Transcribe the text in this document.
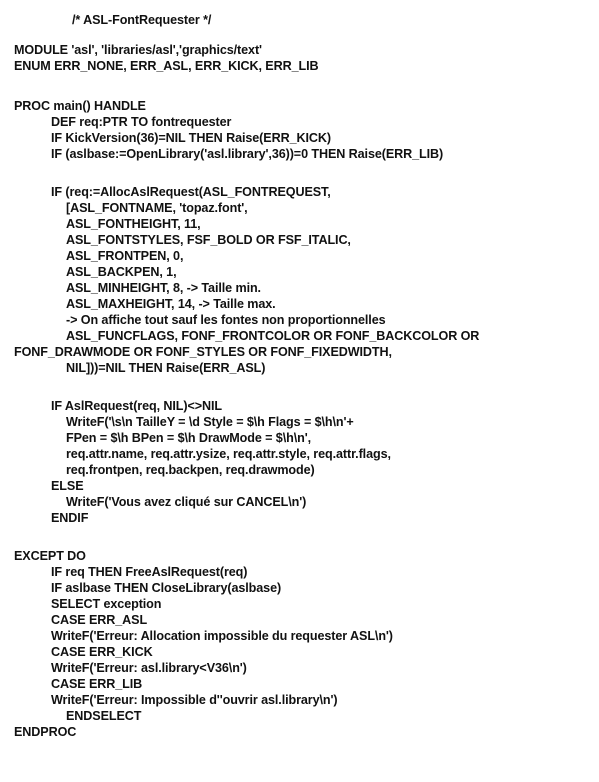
/* ASL-FontRequester */
MODULE 'asl', 'libraries/asl','graphics/text'
ENUM ERR_NONE, ERR_ASL, ERR_KICK, ERR_LIB
PROC main() HANDLE
DEF req:PTR TO fontrequester
IF KickVersion(36)=NIL THEN Raise(ERR_KICK)
IF (aslbase:=OpenLibrary('asl.library',36))=0 THEN Raise(ERR_LIB)
IF (req:=AllocAslRequest(ASL_FONTREQUEST,
[ASL_FONTNAME, 'topaz.font',
ASL_FONTHEIGHT, 11,
ASL_FONTSTYLES, FSF_BOLD OR FSF_ITALIC,
ASL_FRONTPEN, 0,
ASL_BACKPEN, 1,
ASL_MINHEIGHT, 8, -> Taille min.
ASL_MAXHEIGHT, 14, -> Taille max.
-> On affiche tout sauf les fontes non proportionnelles
ASL_FUNCFLAGS, FONF_FRONTCOLOR OR FONF_BACKCOLOR OR
FONF_DRAWMODE OR FONF_STYLES OR FONF_FIXEDWIDTH,
NIL]))=NIL THEN Raise(ERR_ASL)
IF AslRequest(req, NIL)<>NIL
WriteF('\s\n TailleY = \d Style = $\h Flags = $\h\n'+
FPen = $\h BPen = $\h DrawMode = $\h\n',
req.attr.name, req.attr.ysize, req.attr.style, req.attr.flags,
req.frontpen, req.backpen, req.drawmode)
ELSE
WriteF('Vous avez cliqué sur CANCEL\n')
ENDIF
EXCEPT DO
IF req THEN FreeAslRequest(req)
IF aslbase THEN CloseLibrary(aslbase)
SELECT exception
CASE ERR_ASL
WriteF('Erreur: Allocation impossible du requester ASL\n')
CASE ERR_KICK
WriteF('Erreur: asl.library<V36\n')
CASE ERR_LIB
WriteF('Erreur: Impossible d''ouvrir asl.library\n')
ENDSELECT
ENDPROC
